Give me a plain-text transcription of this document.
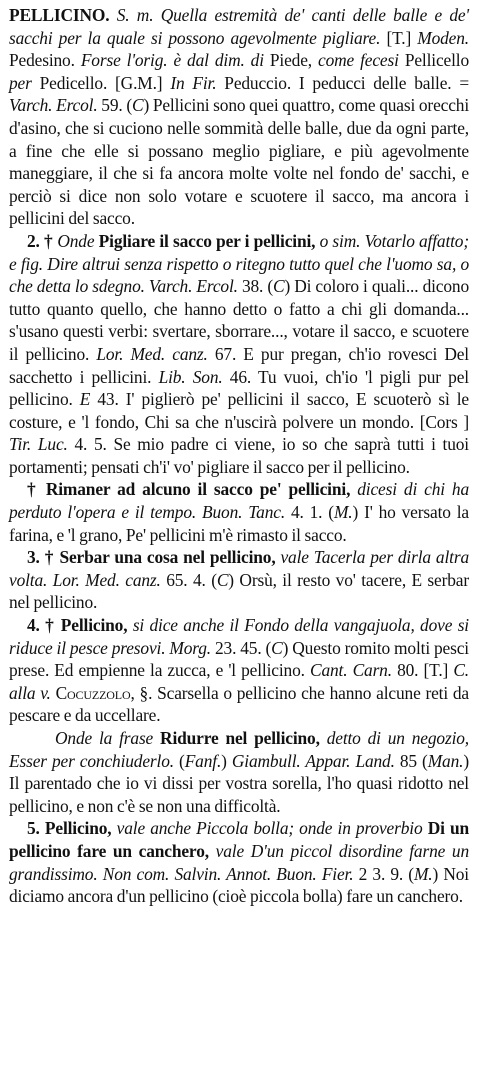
PELLICINO. S. m. Quella estremità de' canti delle balle e de' sacchi per la quale si possono agevolmente pigliare. [T.] Moden. Pedesino. Forse l'orig. è dal dim. di Piede, come fecesi Pellicello per Pedicello. [G.M.] In Fir. Peduccio. I peducci delle balle. = Varch. Ercol. 59. (C) Pellicini sono quei quattro, come quasi orecchi d'asino, che si cuciono nelle sommità delle balle, due da ogni parte, a fine che elle si possano meglio pigliare, e più agevolmente maneggiare, il che si fa ancora molte volte nel fondo de' sacchi, e perciò si dice non solo votare e scuotere il sacco, ma ancora i pellicini del sacco.

2. † Onde Pigliare il sacco per i pellicini, o sim. Votarlo affatto; e fig. Dire altrui senza rispetto o ritegno tutto quel che l'uomo sa, o che detta lo sdegno. Varch. Ercol. 38. (C) Di coloro i quali... dicono tutto quanto quello, che hanno detto o fatto a chi gli domanda... s'usano questi verbi: svertare, sborrare..., votare il sacco, e scuotere il pellicino. Lor. Med. canz. 67. E pur pregan, ch'io rovesci Del sacchetto i pellicini. Lib. Son. 46. Tu vuoi, ch'io 'l pigli pur pel pellicino. E 43. I' piglierò pe' pellicini il sacco, E scuoterò sì le costure, e 'l fondo, Chi sa che n'uscirà polvere un mondo. [Cors ] Tir. Luc. 4. 5. Se mio padre ci viene, io so che saprà tutti i tuoi portamenti; pensati ch'i' vo' pigliare il sacco per il pellicino.

† Rimaner ad alcuno il sacco pe' pellicini, dicesi di chi ha perduto l'opera e il tempo. Buon. Tanc. 4. 1. (M.) I' ho versato la farina, e 'l grano, Pe' pellicini m'è rimasto il sacco.

3. † Serbar una cosa nel pellicino, vale Tacerla per dirla altra volta. Lor. Med. canz. 65. 4. (C) Orsù, il resto vo' tacere, E serbar nel pellicino.

4. † Pellicino, si dice anche il Fondo della vangajuola, dove si riduce il pesce presovi. Morg. 23. 45. (C) Questo romito molti pesci prese. Ed empienne la zucca, e 'l pellicino. Cant. Carn. 80. [T.] C. alla v. Cocuzzolo, §. Scarsella o pellicino che hanno alcune reti da pescare e da uccellare.

Onde la frase Ridurre nel pellicino, detto di un negozio, Esser per conchiuderlo. (Fanf.) Giambull. Appar. Land. 85 (Man.) Il parentado che io vi dissi per vostra sorella, l'ho quasi ridotto nel pellicino, e non c'è se non una difficoltà.

5. Pellicino, vale anche Piccola bolla; onde in proverbio Di un pellicino fare un canchero, vale D'un piccol disordine farne un grandissimo. Non com. Salvin. Annot. Buon. Fier. 2 3. 9. (M.) Noi diciamo ancora d'un pellicino (cioè piccola bolla) fare un canchero.
